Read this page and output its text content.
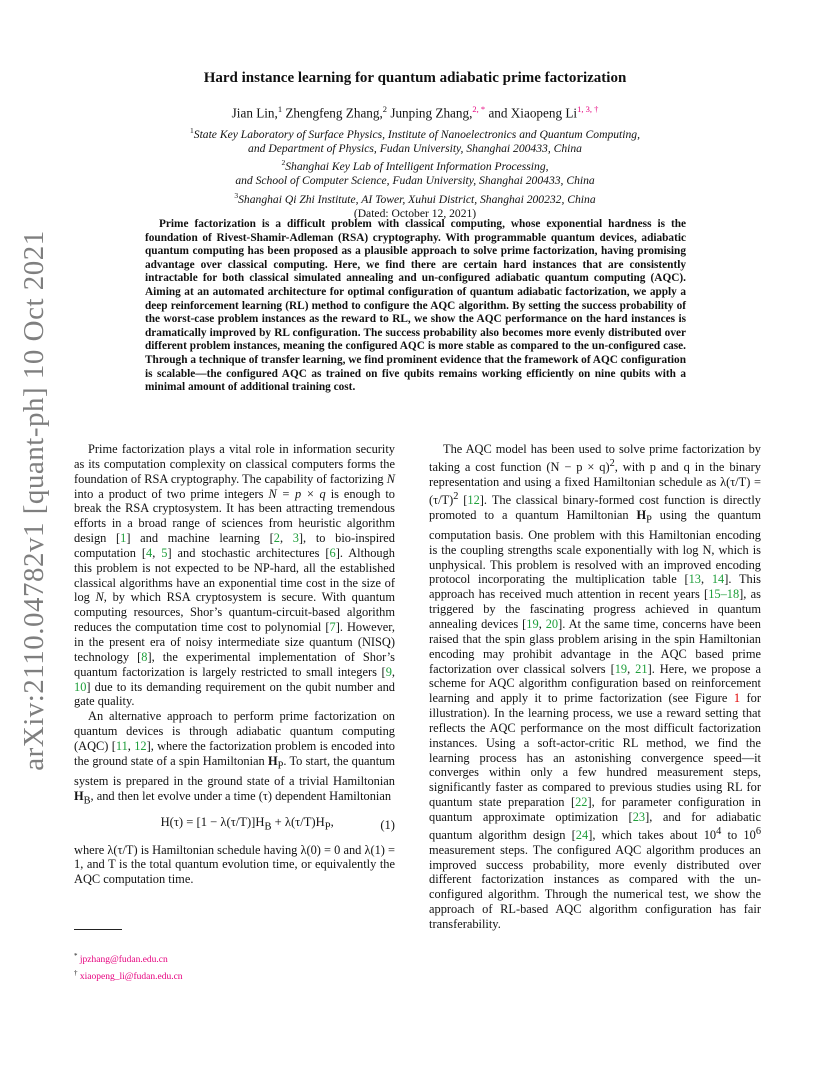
arXiv:2110.04782v1 [quant-ph] 10 Oct 2021
Hard instance learning for quantum adiabatic prime factorization
Jian Lin,$^1$ Zhengfeng Zhang,$^2$ Junping Zhang,$^{2, *}$ and Xiaopeng $Li^{1, 3, \dagger}$
$^1$State Key Laboratory of Surface Physics, Institute of Nanoelectronics and Quantum Computing,
and Department of Physics, Fudan University, Shanghai 200433, China
$^2$Shanghai Key Lab of Intelligent Information Processing,
and School of Computer Science, Fudan University, Shanghai 200433, China
$^3$Shanghai Qi Zhi Institute, AI Tower, Xuhui District, Shanghai 200232, China
(Dated: October 12, 2021)
Prime factorization is a difficult problem with classical computing, whose exponential hardness is the foundation of Rivest-Shamir-Adleman (RSA) cryptography. With programmable quantum devices, adiabatic quantum computing has been proposed as a plausible approach to solve prime factorization, having promising advantage over classical computing. Here, we find there are certain hard instances that are consistently intractable for both classical simulated annealing and un-configured adiabatic quantum computing (AQC). Aiming at an automated architecture for optimal configuration of quantum adiabatic factorization, we apply a deep reinforcement learning (RL) method to configure the AQC algorithm. By setting the success probability of the worst-case problem instances as the reward to RL, we show the AQC performance on the hard instances is dramatically improved by RL configuration. The success probability also becomes more evenly distributed over different problem instances, meaning the configured AQC is more stable as compared to the un-configured case. Through a technique of transfer learning, we find prominent evidence that the framework of AQC configuration is scalable—the configured AQC as trained on five qubits remains working efficiently on nine qubits with a minimal amount of additional training cost.

Prime factorization plays a vital role in information security as its computation complexity on classical computers forms the foundation of RSA cryptography. The capability of factorizing N into a product of two prime integers N = p × q is enough to break the RSA cryptosystem. It has been attracting tremendous efforts in a broad range of sciences from heuristic algorithm design [1] and machine learning [2, 3], to bio-inspired computation [4, 5] and stochastic architectures [6]. Although this problem is not expected to be NP-hard, all the established classical algorithms have an exponential time cost in the size of log N, by which RSA cryptosystem is secure. With quantum computing resources, Shor’s quantum-circuit-based algorithm reduces the computation time cost to polynomial [7]. However, in the present era of noisy intermediate size quantum (NISQ) technology [8], the experimental implementation of Shor’s quantum factorization is largely restricted to small integers [9, 10] due to its demanding requirement on the qubit number and gate quality.

An alternative approach to perform prime factorization on quantum devices is through adiabatic quantum computing (AQC) [11, 12], where the factorization problem is encoded into the ground state of a spin Hamiltonian $H_P$. To start, the quantum system is prepared in the ground state of a trivial Hamiltonian $H_B$, and then let evolve under a time (τ) dependent Hamiltonian

$H(\tau) = [1 - \lambda(\tau/T)]H_B + \lambda(\tau/T)H_P$,	(1)

where λ(τ/T) is Hamiltonian schedule having λ(0) = 0 and λ(1) = 1, and T is the total quantum evolution time, or equivalently the AQC computation time.

The AQC model has been used to solve prime factorization by taking a cost function $(N - p \times q)^2$, with p and q in the binary representation and using a fixed Hamiltonian schedule as $\lambda(\tau/T) = (\tau/T)^2$ [12]. The classical binary-formed cost function is directly promoted to a quantum Hamiltonian $H_P$ using the quantum computation basis. One problem with this Hamiltonian encoding is the coupling strengths scale exponentially with log N, which is unphysical. This problem is resolved with an improved encoding protocol incorporating the multiplication table [13, 14]. This approach has received much attention in recent years [15–18], as triggered by the fascinating progress achieved in quantum annealing devices [19, 20]. At the same time, concerns have been raised that the spin glass problem arising in the spin Hamiltonian encoding may prohibit advantage in the AQC based prime factorization over classical solvers [19, 21]. Here, we propose a scheme for AQC algorithm configuration based on reinforcement learning and apply it to prime factorization (see Figure 1 for illustration). In the learning process, we use a reward setting that reflects the AQC performance on the most difficult factorization instances. Using a soft-actor-critic RL method, we find the learning process has an astonishing convergence speed—it converges within only a few hundred measurement steps, significantly faster as compared to previous studies using RL for quantum state preparation [22], for parameter configuration in quantum approximate optimization [23], and for adiabatic quantum algorithm design [24], which takes about $10^4$ to $10^6$ measurement steps. The configured AQC algorithm produces an improved success probability, more evenly distributed over different factorization instances as compared with the un-configured algorithm. Through the numerical test, we show the approach of RL-based AQC algorithm configuration has fair transferability.

* jpzhang@fudan.edu.cn
† xiaopeng_li@fudan.edu.cn
